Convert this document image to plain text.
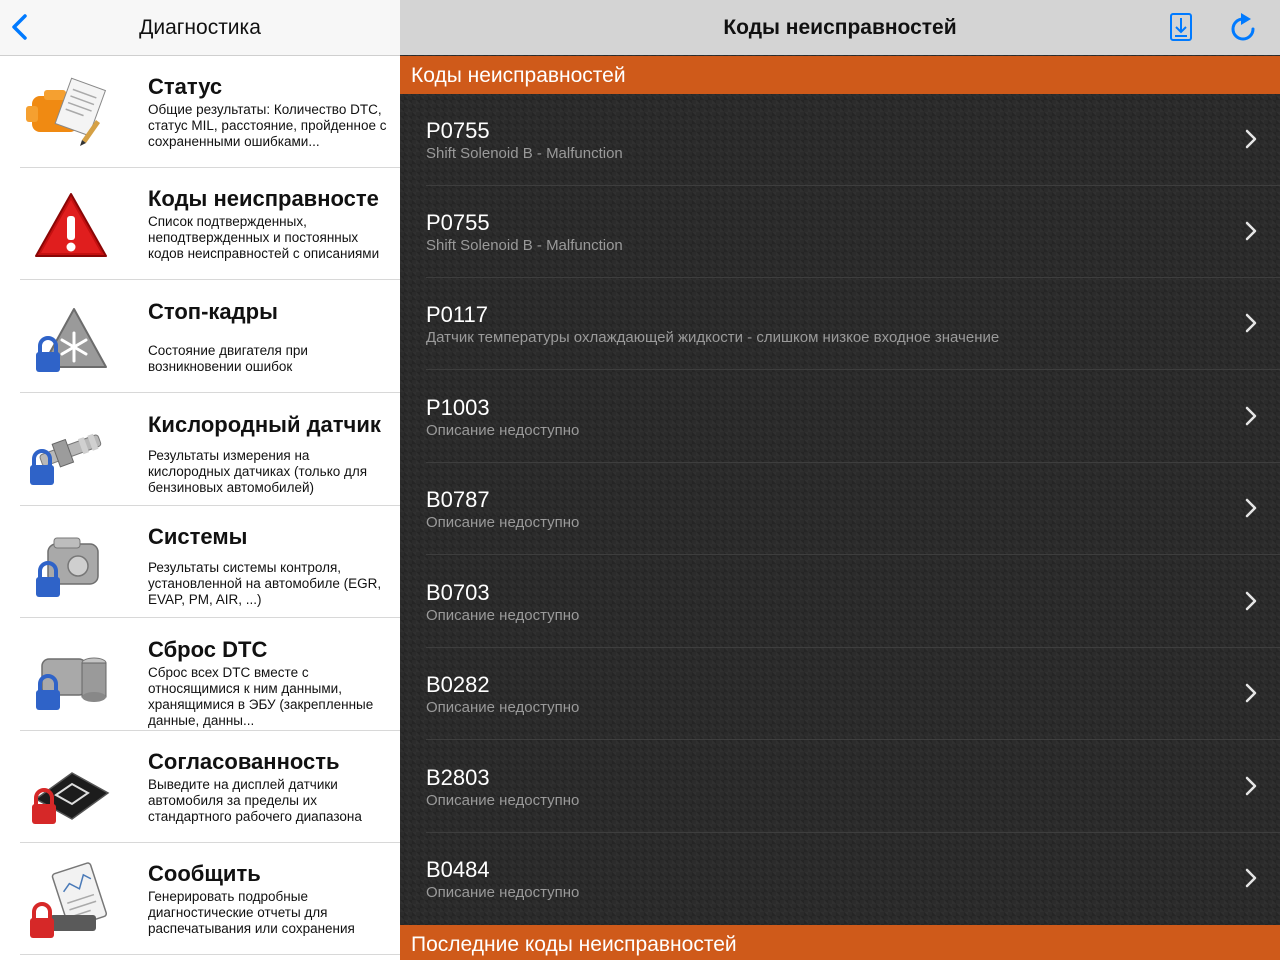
Диагностика
Статус
Общие результаты: Количество DTC, статус MIL, расстояние, пройденное с сохраненными ошибками...
Коды неисправносте
Список подтвержденных, неподтвержденных и постоянных кодов неисправностей с описаниями
Стоп-кадры
Состояние двигателя при возникновении ошибок
Кислородный датчик
Результаты измерения на кислородных датчиках (только для бензиновых автомобилей)
Системы
Результаты системы контроля, установленной на автомобиле (EGR, EVAP, PM, AIR, ...)
Сброс DTC
Сброс всех DTC вместе с относящимися к ним данными, хранящимися в ЭБУ (закрепленные данные, данны...
Согласованность
Выведите на дисплей датчики автомобиля за пределы их стандартного рабочего диапазона
Сообщить
Генерировать подробные диагностические отчеты для распечатывания или сохранения
Коды неисправностей
Коды неисправностей
P0755
Shift Solenoid B - Malfunction
P0755
Shift Solenoid B - Malfunction
P0117
Датчик температуры охлаждающей жидкости - слишком низкое входное значение
P1003
Описание недоступно
B0787
Описание недоступно
B0703
Описание недоступно
B0282
Описание недоступно
B2803
Описание недоступно
B0484
Описание недоступно
Последние коды неисправностей
